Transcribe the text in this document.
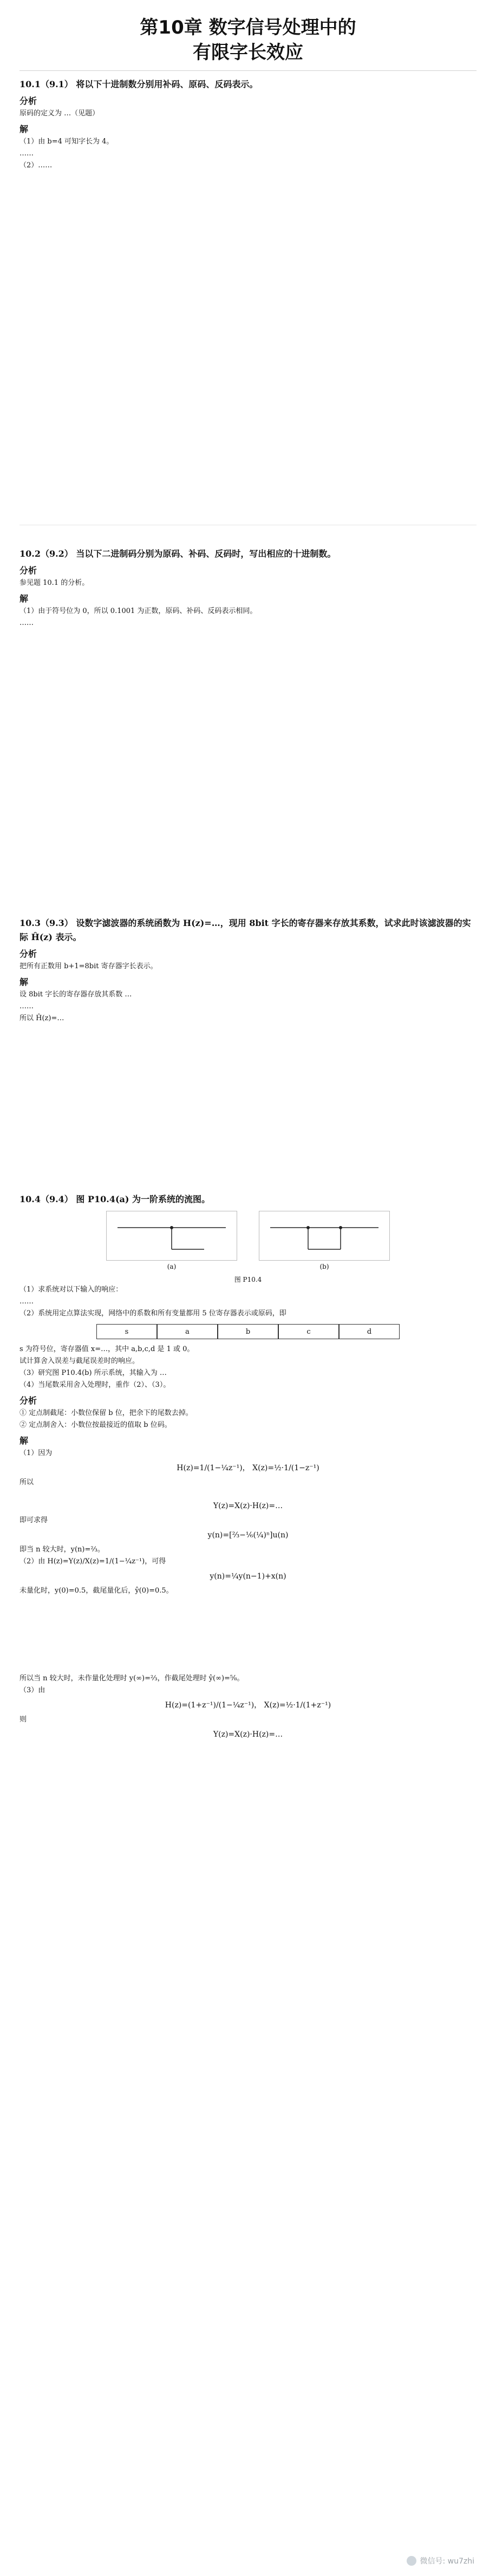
第10章 数字信号处理中的
有限字长效应
10.1（9.1） 将以下十进制数分别用补码、原码、反码表示。
分析
原码的定义为 …（见题）
解
（1）由 b=4 可知字长为 4。
……
（2）……
10.2（9.2） 当以下二进制码分别为原码、补码、反码时，写出相应的十进制数。
分析
参见题 10.1 的分析。
解
（1）由于符号位为 0，所以 0.1001 为正数，原码、补码、反码表示相同。
……
10.3（9.3） 设数字滤波器的系统函数为 H(z)=…，现用 8bit 字长的寄存器来存放其系数，试求此时该滤波器的实际 Ĥ(z) 表示。
分析
把所有正数用 b+1=8bit 寄存器字长表示。
解
设 8bit 字长的寄存器存放其系数 …
……
所以 Ĥ(z)=…
10.4（9.4） 图 P10.4(a) 为一阶系统的流图。
(a)	(b)
图 P10.4
（1）求系统对以下输入的响应：
……
（2）系统用定点算法实现，网络中的系数和所有变量都用 5 位寄存器表示或原码，即
s	a	b	c	d
s 为符号位，寄存器值 x=…，其中 a,b,c,d 是 1 或 0。
试计算舍入误差与截尾误差时的响应。
（3）研究图 P10.4(b) 所示系统，其输入为 …
（4）当尾数采用舍入处理时，重作（2）、（3）。
分析
① 定点制截尾：小数位保留 b 位，把余下的尾数去掉。
② 定点制舍入：小数位按最接近的值取 b 位码。
解
（1）因为
H(z)=1/(1−¼z⁻¹)， X(z)=½·1/(1−z⁻¹)
所以
Y(z)=X(z)·H(z)=…
即可求得
y(n)=[⅔−⅙(¼)ⁿ]u(n)
即当 n 较大时，y(n)=⅔。
（2）由 H(z)=Y(z)/X(z)=1/(1−¼z⁻¹)，可得
y(n)=¼y(n−1)+x(n)
未量化时，y(0)=0.5，截尾量化后，ŷ(0)=0.5。
所以当 n 较大时，未作量化处理时 y(∞)=⅔，作截尾处理时 ŷ(∞)=⅝。
（3）由
H(z)=(1+z⁻¹)/(1−¼z⁻¹)， X(z)=½·1/(1+z⁻¹)
则
Y(z)=X(z)·H(z)=…
微信号: wu7zhi
